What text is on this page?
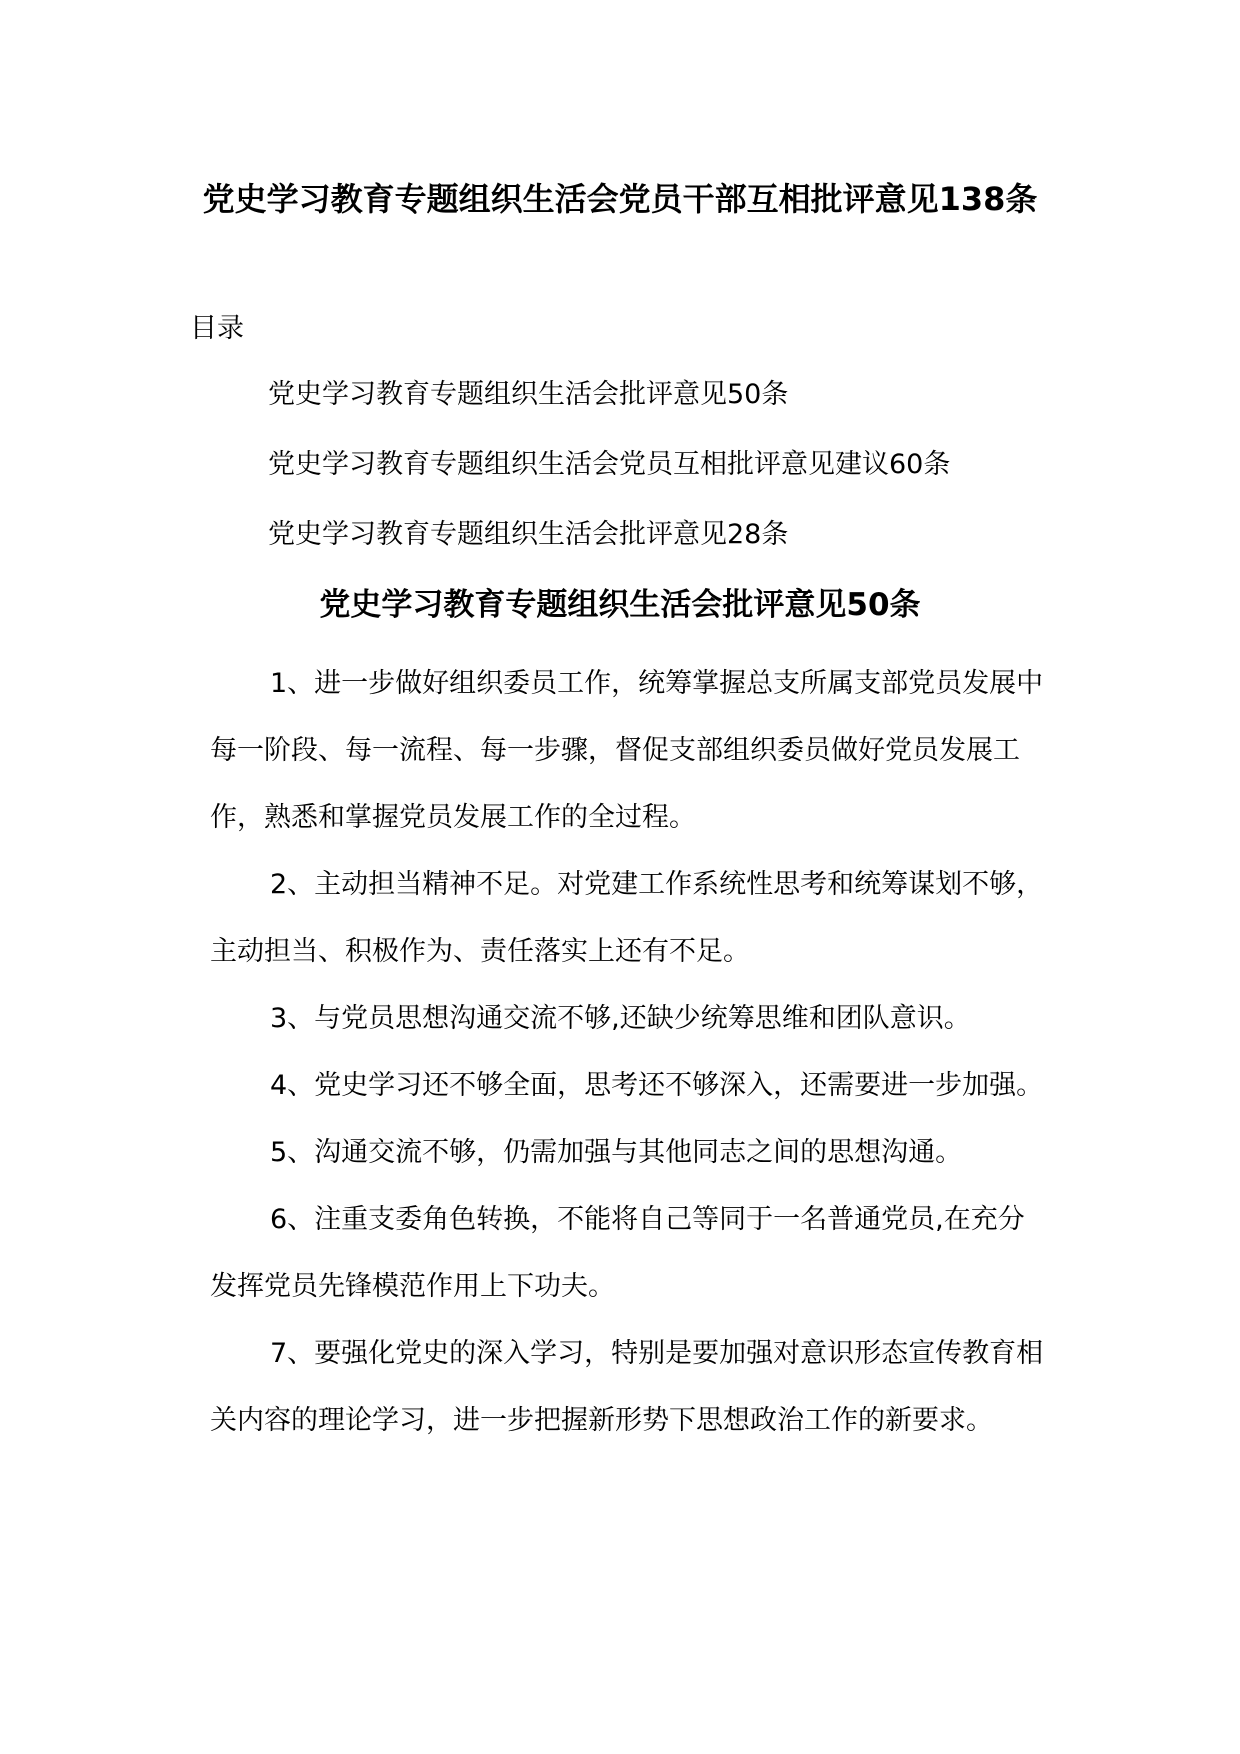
党史学习教育专题组织生活会党员干部互相批评意见138条
目录
党史学习教育专题组织生活会批评意见50条
党史学习教育专题组织生活会党员互相批评意见建议60条
党史学习教育专题组织生活会批评意见28条
党史学习教育专题组织生活会批评意见50条
1、进一步做好组织委员工作，统筹掌握总支所属支部党员发展中每一阶段、每一流程、每一步骤，督促支部组织委员做好党员发展工作，熟悉和掌握党员发展工作的全过程。
2、主动担当精神不足。对党建工作系统性思考和统筹谋划不够，主动担当、积极作为、责任落实上还有不足。
3、与党员思想沟通交流不够,还缺少统筹思维和团队意识。
4、党史学习还不够全面，思考还不够深入，还需要进一步加强。
5、沟通交流不够，仍需加强与其他同志之间的思想沟通。
6、注重支委角色转换，不能将自己等同于一名普通党员,在充分发挥党员先锋模范作用上下功夫。
7、要强化党史的深入学习，特别是要加强对意识形态宣传教育相关内容的理论学习，进一步把握新形势下思想政治工作的新要求。
